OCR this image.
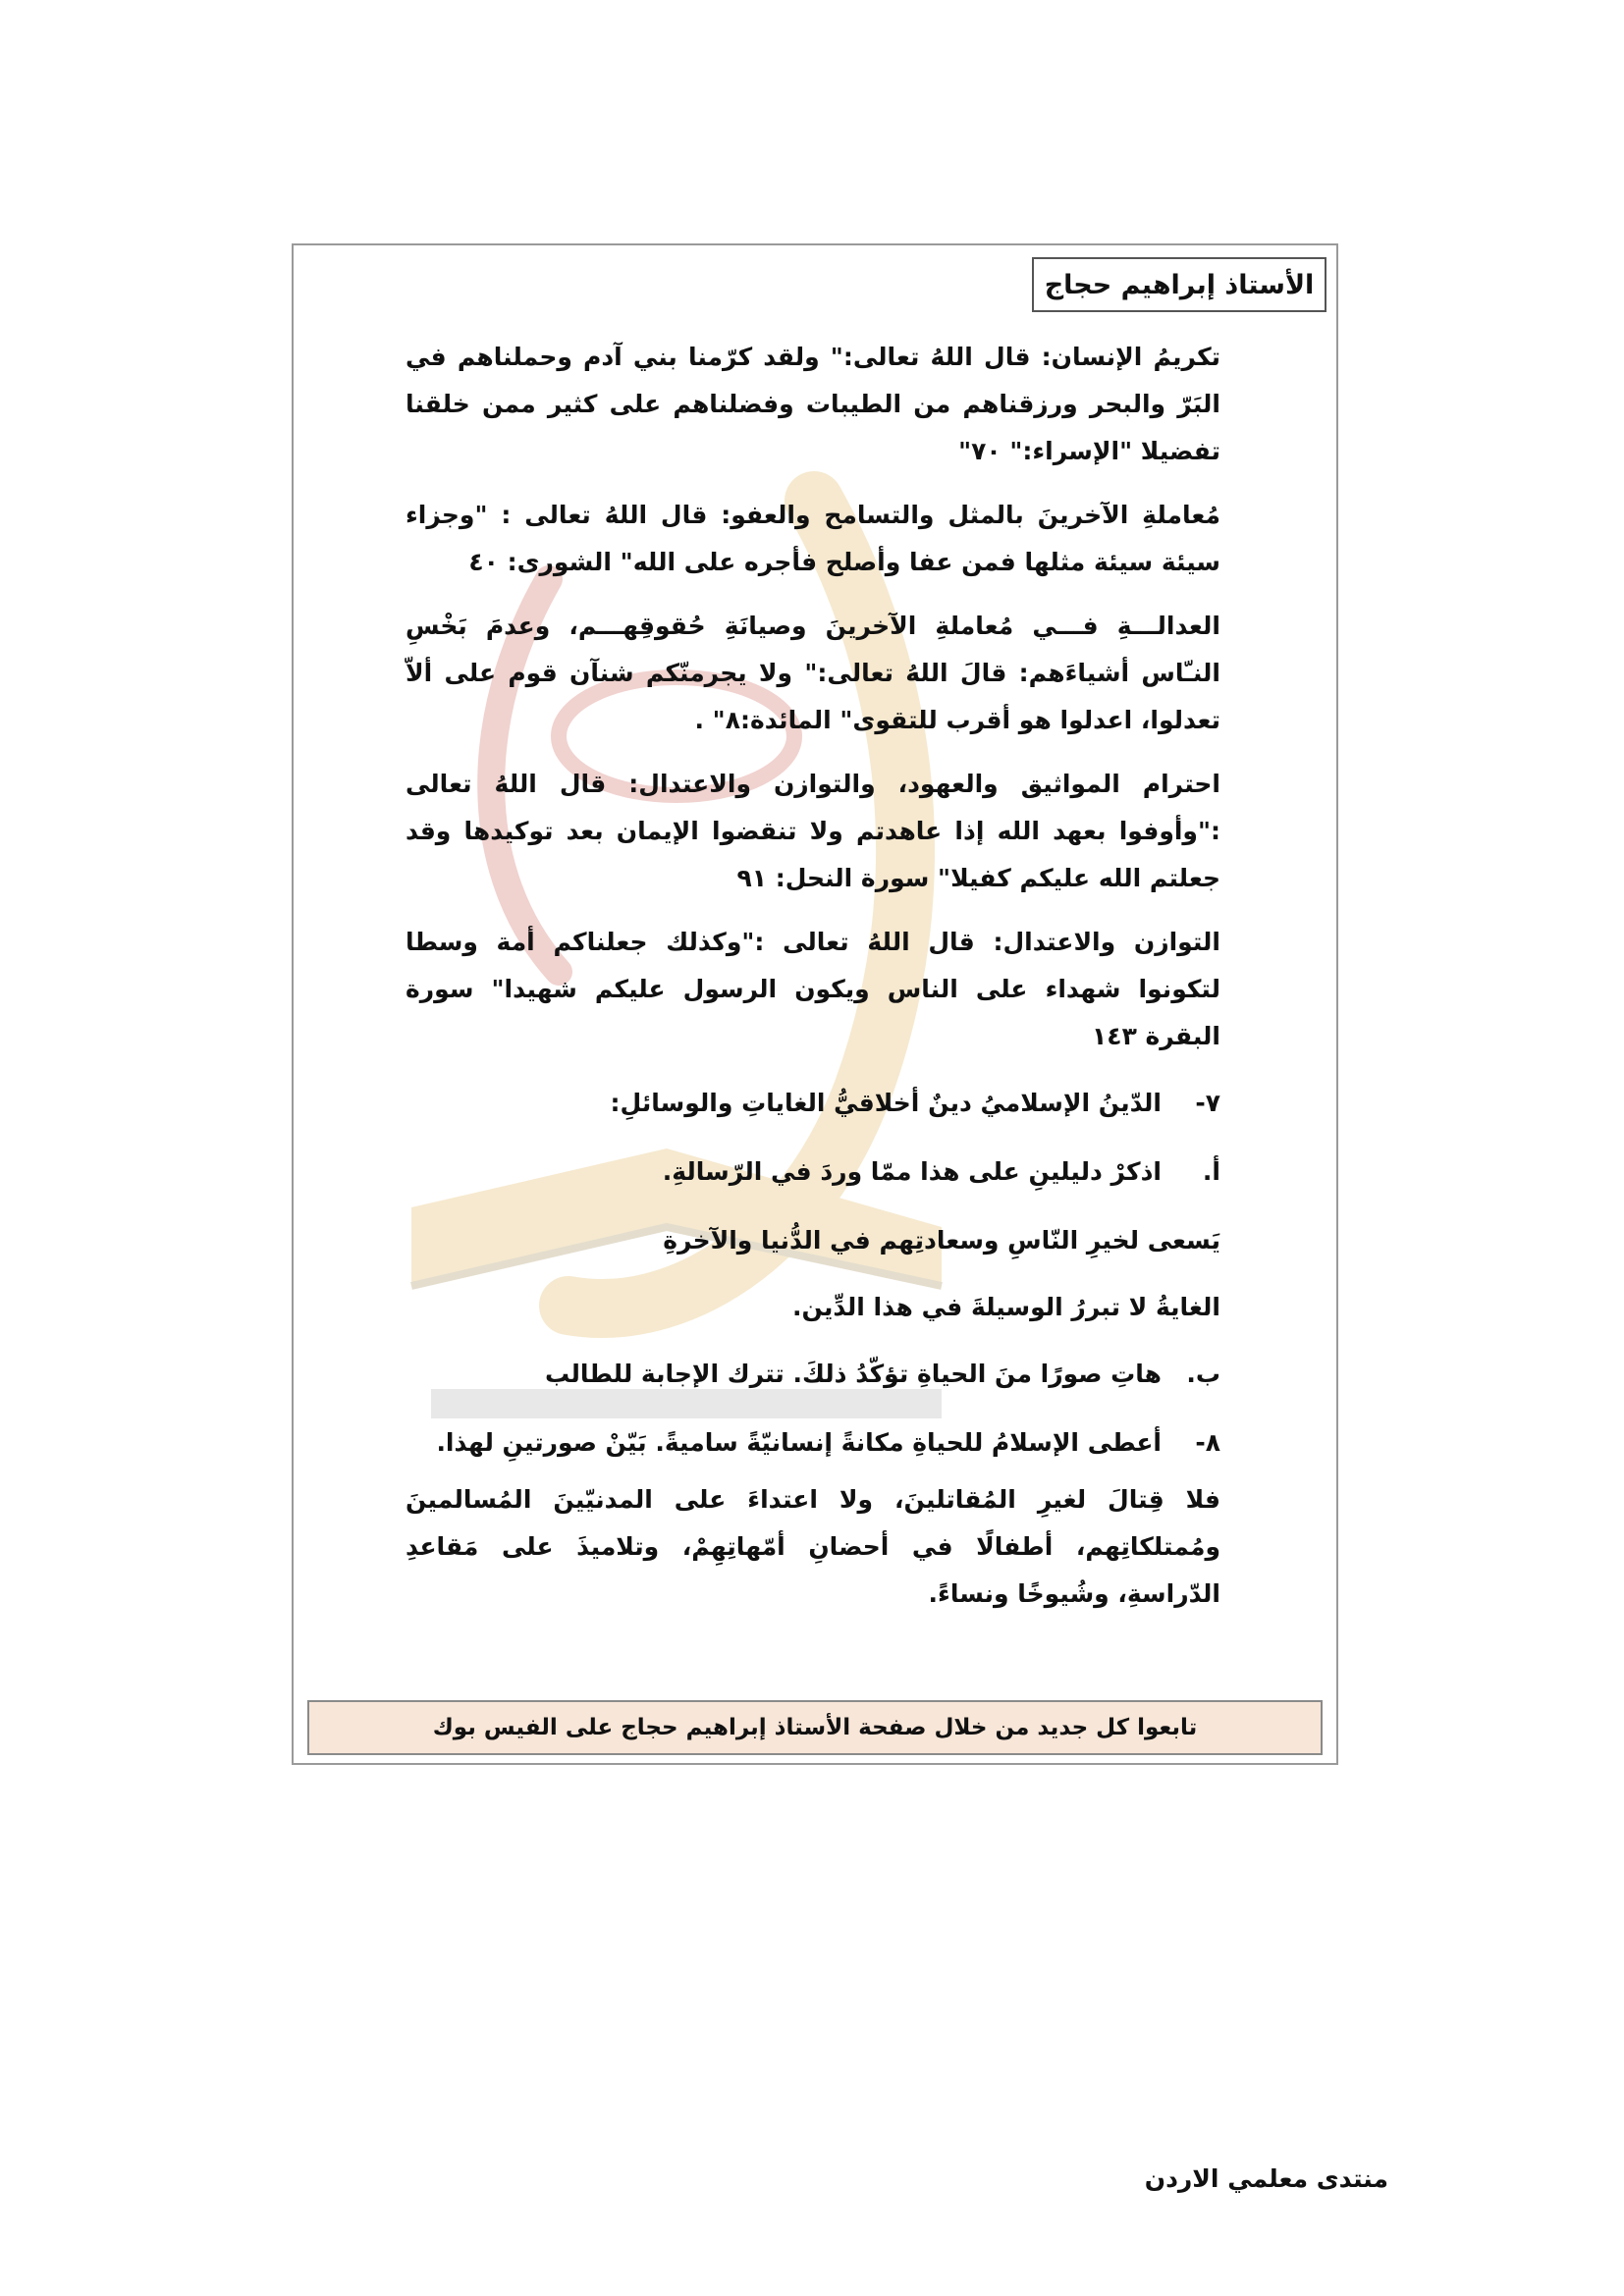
الأستاذ إبراهيم حجاج

تكريمُ الإنسان: قال اللهُ تعالى:" ولقد كرّمنا بني آدم وحملناهم في البَرّ والبحر ورزقناهم من الطيبات وفضلناهم على كثير ممن خلقنا تفضيلا "الإسراء:" ٧٠"

مُعاملةِ الآخرينَ بالمثل والتسامح والعفو: قال اللهُ تعالى : "وجزاء سيئة سيئة مثلها فمن عفا وأصلح فأجره على الله" الشورى: ٤٠

العدالـــةِ فـــي مُعاملةِ الآخرينَ وصيانَةِ حُقوقِهـــم، وعدمَ بَخْسِ النـّاس أشياءَهم: قالَ اللهُ تعالى:" ولا يجرمنّكم شنآن قوم على ألاّ تعدلوا، اعدلوا هو أقرب للتقوى" المائدة:٨" .

احترام المواثيق والعهود، والتوازن والاعتدال: قال اللهُ تعالى :"وأوفوا بعهد الله إذا عاهدتم ولا تنقضوا الإيمان بعد توكيدها وقد جعلتم الله عليكم كفيلا" سورة النحل: ٩١

التوازن والاعتدال: قال اللهُ تعالى :"وكذلك جعلناكم أمة وسطا لتكونوا شهداء على الناس ويكون الرسول عليكم شهيدا" سورة البقرة ١٤٣

٧-
الدّينُ الإسلاميُ دينٌ أخلاقيُّ الغاياتِ والوسائلِ:
أ.
اذكرْ دليلينِ على هذا ممّا وردَ في الرّسالةِ.

يَسعى لخيرِ النّاسِ وسعادتِهم في الدُّنيا والآخرةِ

الغايةُ لا تبررُ الوسيلةَ في هذا الدِّين.

ب.
هاتِ صورًا منَ الحياةِ تؤكّدُ ذلكَ. تترك الإجابة للطالب
٨-
أعطى الإسلامُ للحياةِ مكانةً إنسانيّةً ساميةً. بَيّنْ صورتينِ لهذا.

فلا قِتالَ لغيرِ المُقاتلينَ، ولا اعتداءَ على المدنيّينَ المُسالمينَ ومُمتلكاتِهم، أطفالًا في أحضانِ أمّهاتِهِمْ، وتلاميذَ على مَقاعدِ الدّراسةِ، وشُيوخًا ونساءً.

تابعوا كل جديد من خلال صفحة الأستاذ إبراهيم حجاج على الفيس بوك
منتدى معلمي الاردن
